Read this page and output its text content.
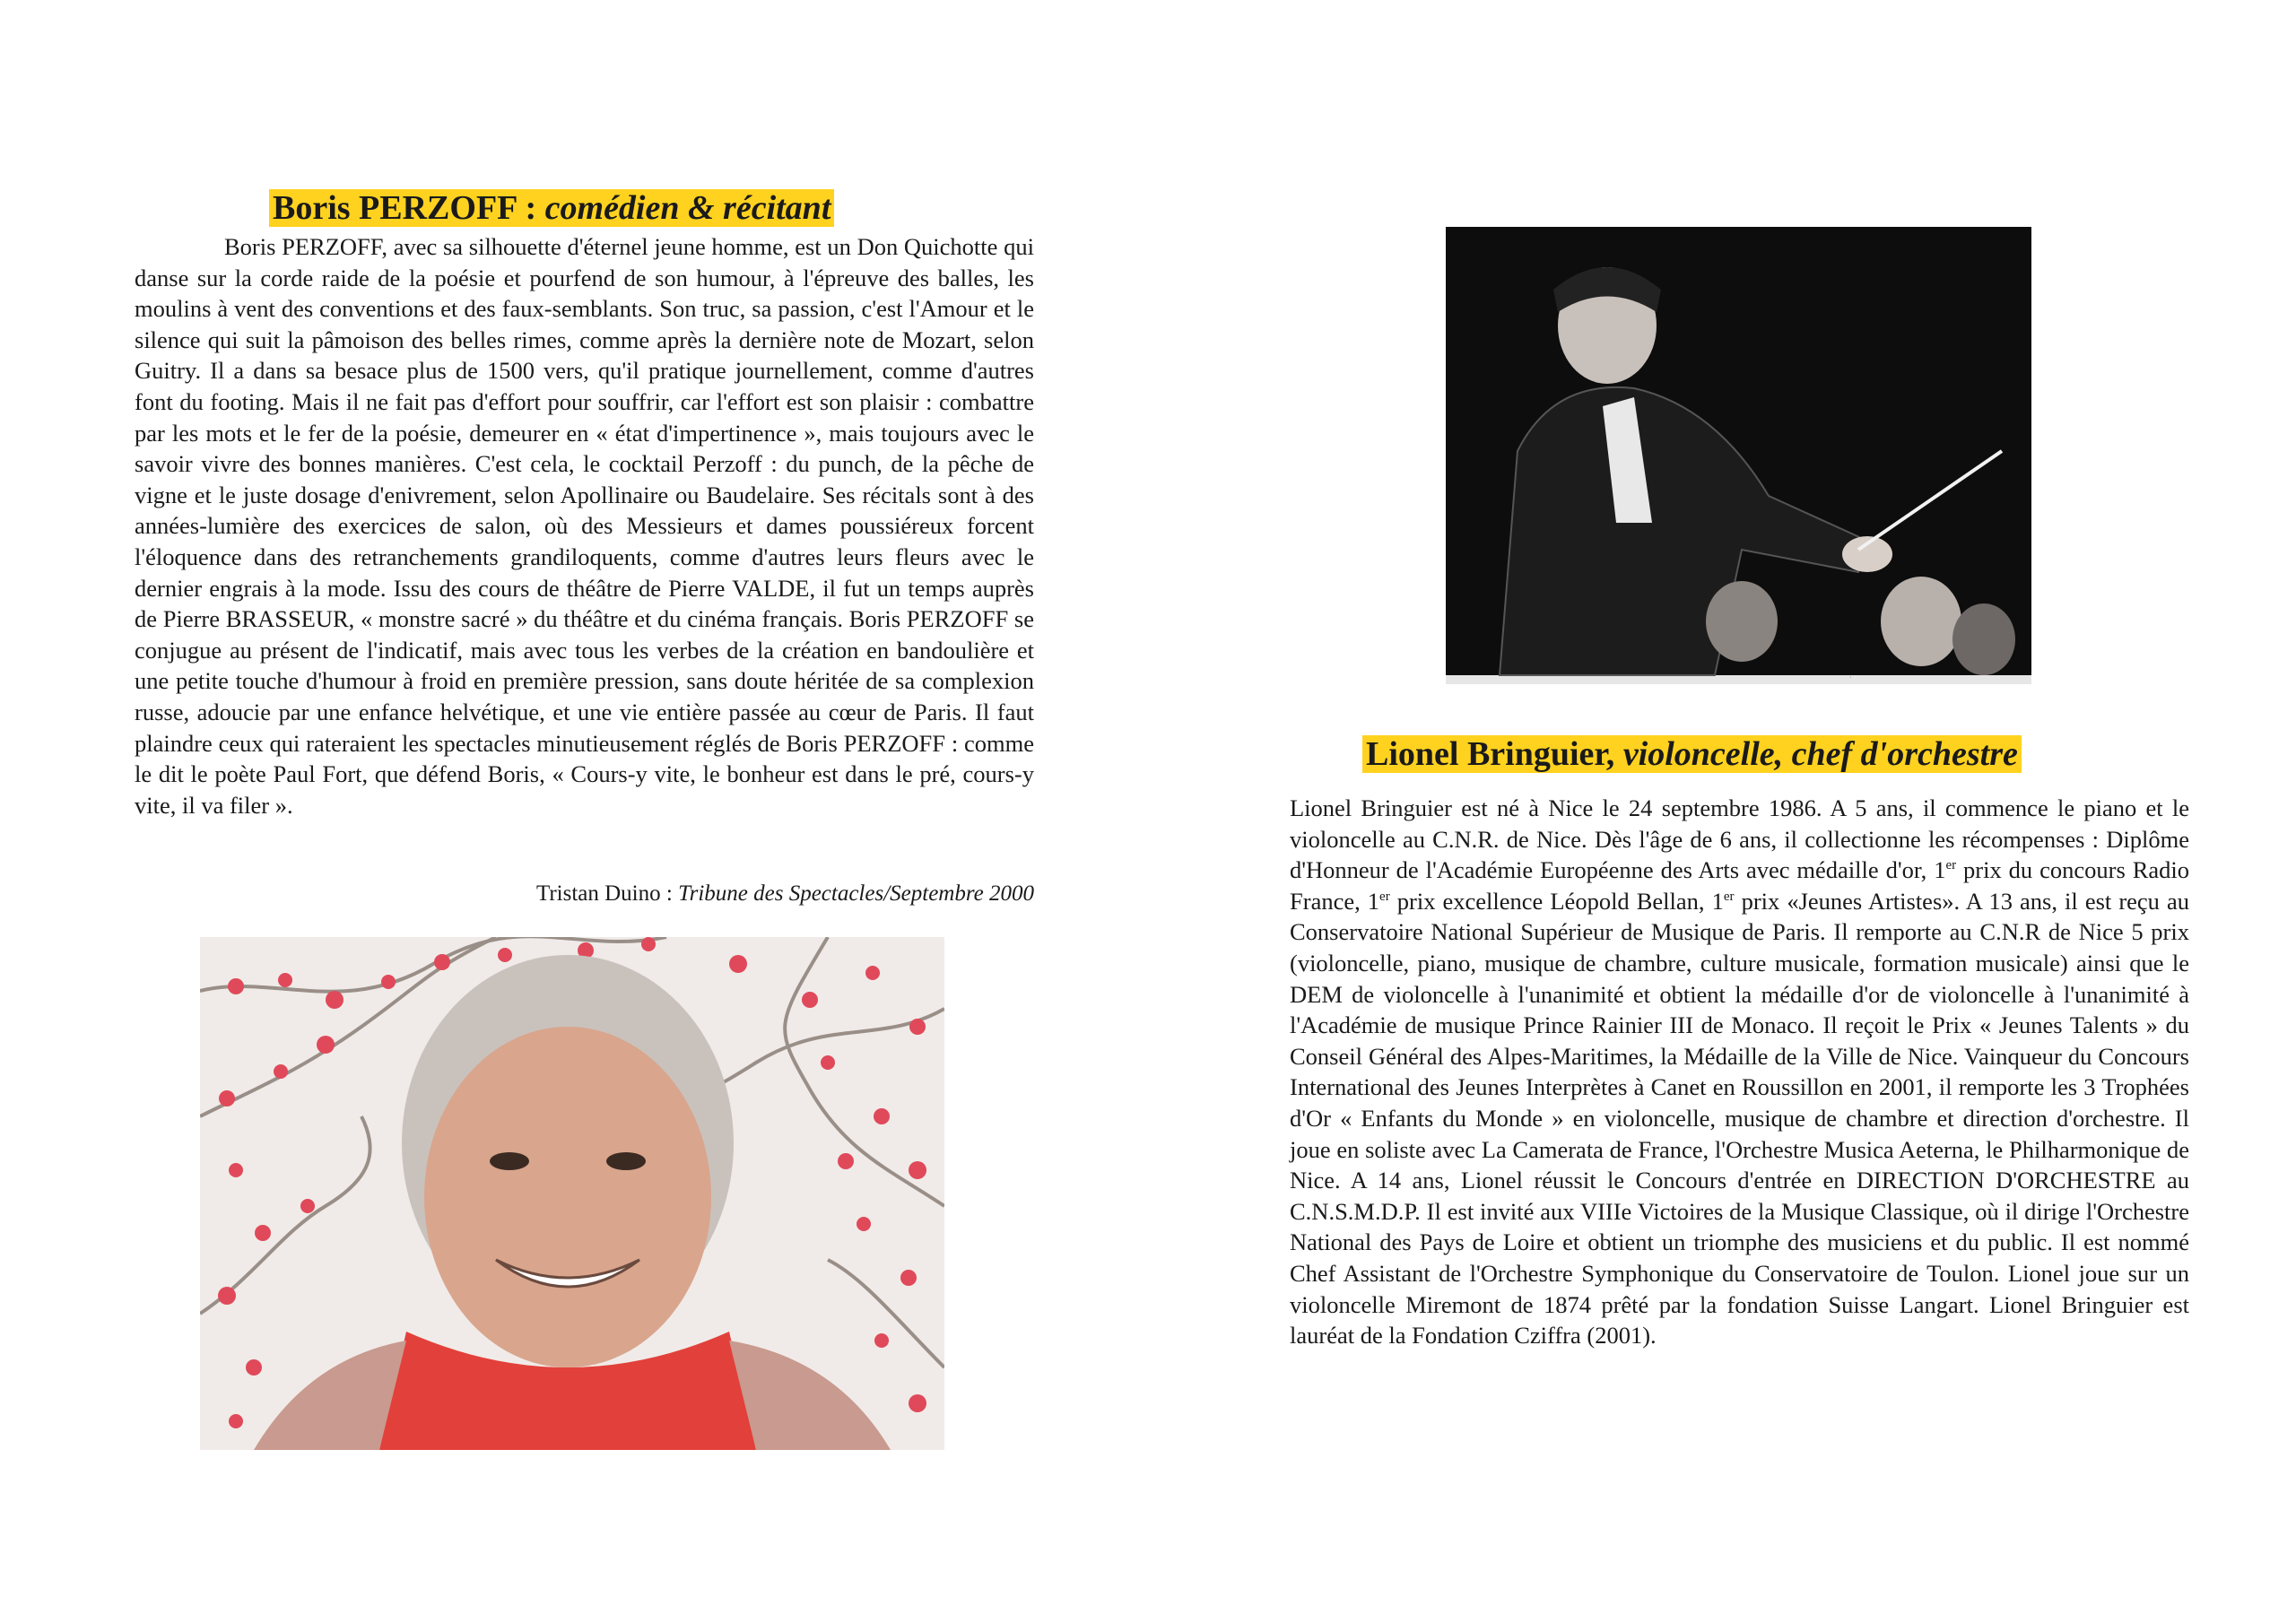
Boris PERZOFF : comédien & récitant

Boris PERZOFF, avec sa silhouette d'éternel jeune homme, est un Don Quichotte qui danse sur la corde raide de la poésie et pourfend de son humour, à l'épreuve des balles, les moulins à vent des conventions et des faux-semblants. Son truc, sa passion, c'est l'Amour et le silence qui suit la pâmoison des belles rimes, comme après la dernière note de Mozart, selon Guitry. Il a dans sa besace plus de 1500 vers, qu'il pratique journellement, comme d'autres font du footing. Mais il ne fait pas d'effort pour souffrir, car l'effort est son plaisir : combattre par les mots et le fer de la poésie, demeurer en « état d'impertinence », mais toujours avec le savoir vivre des bonnes manières. C'est cela, le cocktail Perzoff : du punch, de la pêche de vigne et le juste dosage d'enivrement, selon Apollinaire ou Baudelaire. Ses récitals sont à des années-lumière des exercices de salon, où des Messieurs et dames poussiéreux forcent l'éloquence dans des retranchements grandiloquents, comme d'autres leurs fleurs avec le dernier engrais à la mode. Issu des cours de théâtre de Pierre VALDE, il fut un temps auprès de Pierre BRASSEUR, « monstre sacré » du théâtre et du cinéma français. Boris PERZOFF se conjugue au présent de l'indicatif, mais avec tous les verbes de la création en bandoulière et une petite touche d'humour à froid en première pression, sans doute héritée de sa complexion russe, adoucie par une enfance helvétique, et une vie entière passée au cœur de Paris. Il faut plaindre ceux qui rateraient les spectacles minutieusement réglés de Boris PERZOFF : comme le dit le poète Paul Fort, que défend Boris, « Cours-y vite, le bonheur est dans le pré, cours-y vite, il va filer ».

Tristan Duino : Tribune des Spectacles/Septembre 2000
·
Lionel Bringuier, violoncelle, chef d'orchestre

Lionel Bringuier est né à Nice le 24 septembre 1986. A 5 ans, il commence le piano et le violoncelle au C.N.R. de Nice. Dès l'âge de 6 ans, il collectionne les récompenses : Diplôme d'Honneur de l'Académie Européenne des Arts avec médaille d'or, 1er prix du concours Radio France, 1er prix excellence Léopold Bellan, 1er prix «Jeunes Artistes». A 13 ans, il est reçu au Conservatoire National Supérieur de Musique de Paris. Il remporte au C.N.R de Nice 5 prix (violoncelle, piano, musique de chambre, culture musicale, formation musicale) ainsi que le DEM de violoncelle à l'unanimité et obtient la médaille d'or de violoncelle à l'unanimité à l'Académie de musique Prince Rainier III de Monaco. Il reçoit le Prix « Jeunes Talents » du Conseil Général des Alpes-Maritimes, la Médaille de la Ville de Nice. Vainqueur du Concours International des Jeunes Interprètes à Canet en Roussillon en 2001, il remporte les 3 Trophées d'Or « Enfants du Monde » en violoncelle, musique de chambre et direction d'orchestre. Il joue en soliste avec La Camerata de France, l'Orchestre Musica Aeterna, le Philharmonique de Nice. A 14 ans, Lionel réussit le Concours d'entrée en DIRECTION D'ORCHESTRE au C.N.S.M.D.P. Il est invité aux VIIIe Victoires de la Musique Classique, où il dirige l'Orchestre National des Pays de Loire et obtient un triomphe des musiciens et du public. Il est nommé Chef Assistant de l'Orchestre Symphonique du Conservatoire de Toulon. Lionel joue sur un violoncelle Miremont de 1874 prêté par la fondation Suisse Langart. Lionel Bringuier est lauréat de la Fondation Cziffra (2001).
